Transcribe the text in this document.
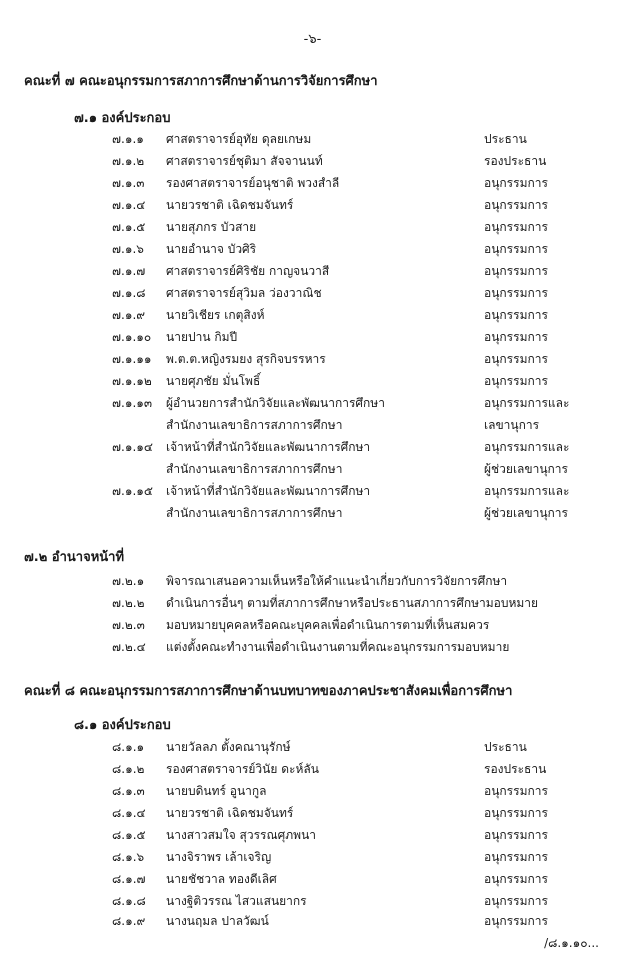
-๖-
คณะที่ ๗ คณะอนุกรรมการสภาการศึกษาด้านการวิจัยการศึกษา
๗.๑ องค์ประกอบ
๗.๑.๑ ศาสตราจารย์อุทัย ดุลยเกษม	ประธาน
๗.๑.๒ ศาสตราจารย์ชุติมา สัจจานนท์	รองประธาน
๗.๑.๓ รองศาสตราจารย์อนุชาติ พวงสำลี	อนุกรรมการ
๗.๑.๔ นายวรชาติ เฉิดชมจันทร์	อนุกรรมการ
๗.๑.๕ นายสุภกร บัวสาย	อนุกรรมการ
๗.๑.๖ นายอำนาจ บัวศิริ	อนุกรรมการ
๗.๑.๗ ศาสตราจารย์ศิริชัย กาญจนวาสี	อนุกรรมการ
๗.๑.๘ ศาสตราจารย์สุวิมล ว่องวาณิช	อนุกรรมการ
๗.๑.๙ นายวิเชียร เกตุสิงห์	อนุกรรมการ
๗.๑.๑๐ นายปาน กิมปี	อนุกรรมการ
๗.๑.๑๑ พ.ต.ต.หญิงรมยง สุรกิจบรรหาร	อนุกรรมการ
๗.๑.๑๒ นายศุภชัย มั่นโพธิ์	อนุกรรมการ
๗.๑.๑๓ ผู้อำนวยการสำนักวิจัยและพัฒนาการศึกษา	อนุกรรมการและ
สำนักงานเลขาธิการสภาการศึกษา	เลขานุการ
๗.๑.๑๔ เจ้าหน้าที่สำนักวิจัยและพัฒนาการศึกษา	อนุกรรมการและ
สำนักงานเลขาธิการสภาการศึกษา	ผู้ช่วยเลขานุการ
๗.๑.๑๕ เจ้าหน้าที่สำนักวิจัยและพัฒนาการศึกษา	อนุกรรมการและ
สำนักงานเลขาธิการสภาการศึกษา	ผู้ช่วยเลขานุการ
๗.๒ อำนาจหน้าที่
๗.๒.๑ พิจารณาเสนอความเห็นหรือให้คำแนะนำเกี่ยวกับการวิจัยการศึกษา
๗.๒.๒ ดำเนินการอื่นๆ ตามที่สภาการศึกษาหรือประธานสภาการศึกษามอบหมาย
๗.๒.๓ มอบหมายบุคคลหรือคณะบุคคลเพื่อดำเนินการตามที่เห็นสมควร
๗.๒.๔ แต่งตั้งคณะทำงานเพื่อดำเนินงานตามที่คณะอนุกรรมการมอบหมาย
คณะที่ ๘ คณะอนุกรรมการสภาการศึกษาด้านบทบาทของภาคประชาสังคมเพื่อการศึกษา
๘.๑ องค์ประกอบ
๘.๑.๑ นายวัลลภ ตั้งคณานุรักษ์	ประธาน
๘.๑.๒ รองศาสตราจารย์วินัย ดะห์ลัน	รองประธาน
๘.๑.๓ นายบดินทร์ อูนากูล	อนุกรรมการ
๘.๑.๔ นายวรชาติ เฉิดชมจันทร์	อนุกรรมการ
๘.๑.๕ นางสาวสมใจ สุวรรณศุภพนา	อนุกรรมการ
๘.๑.๖ นางจิราพร เล้าเจริญ	อนุกรรมการ
๘.๑.๗ นายชัชวาล ทองดีเลิศ	อนุกรรมการ
๘.๑.๘ นางฐิติวรรณ ไสวแสนยากร	อนุกรรมการ
๘.๑.๙ นางนฤมล ปาลวัฒน์	อนุกรรมการ
/๘.๑.๑๐...
